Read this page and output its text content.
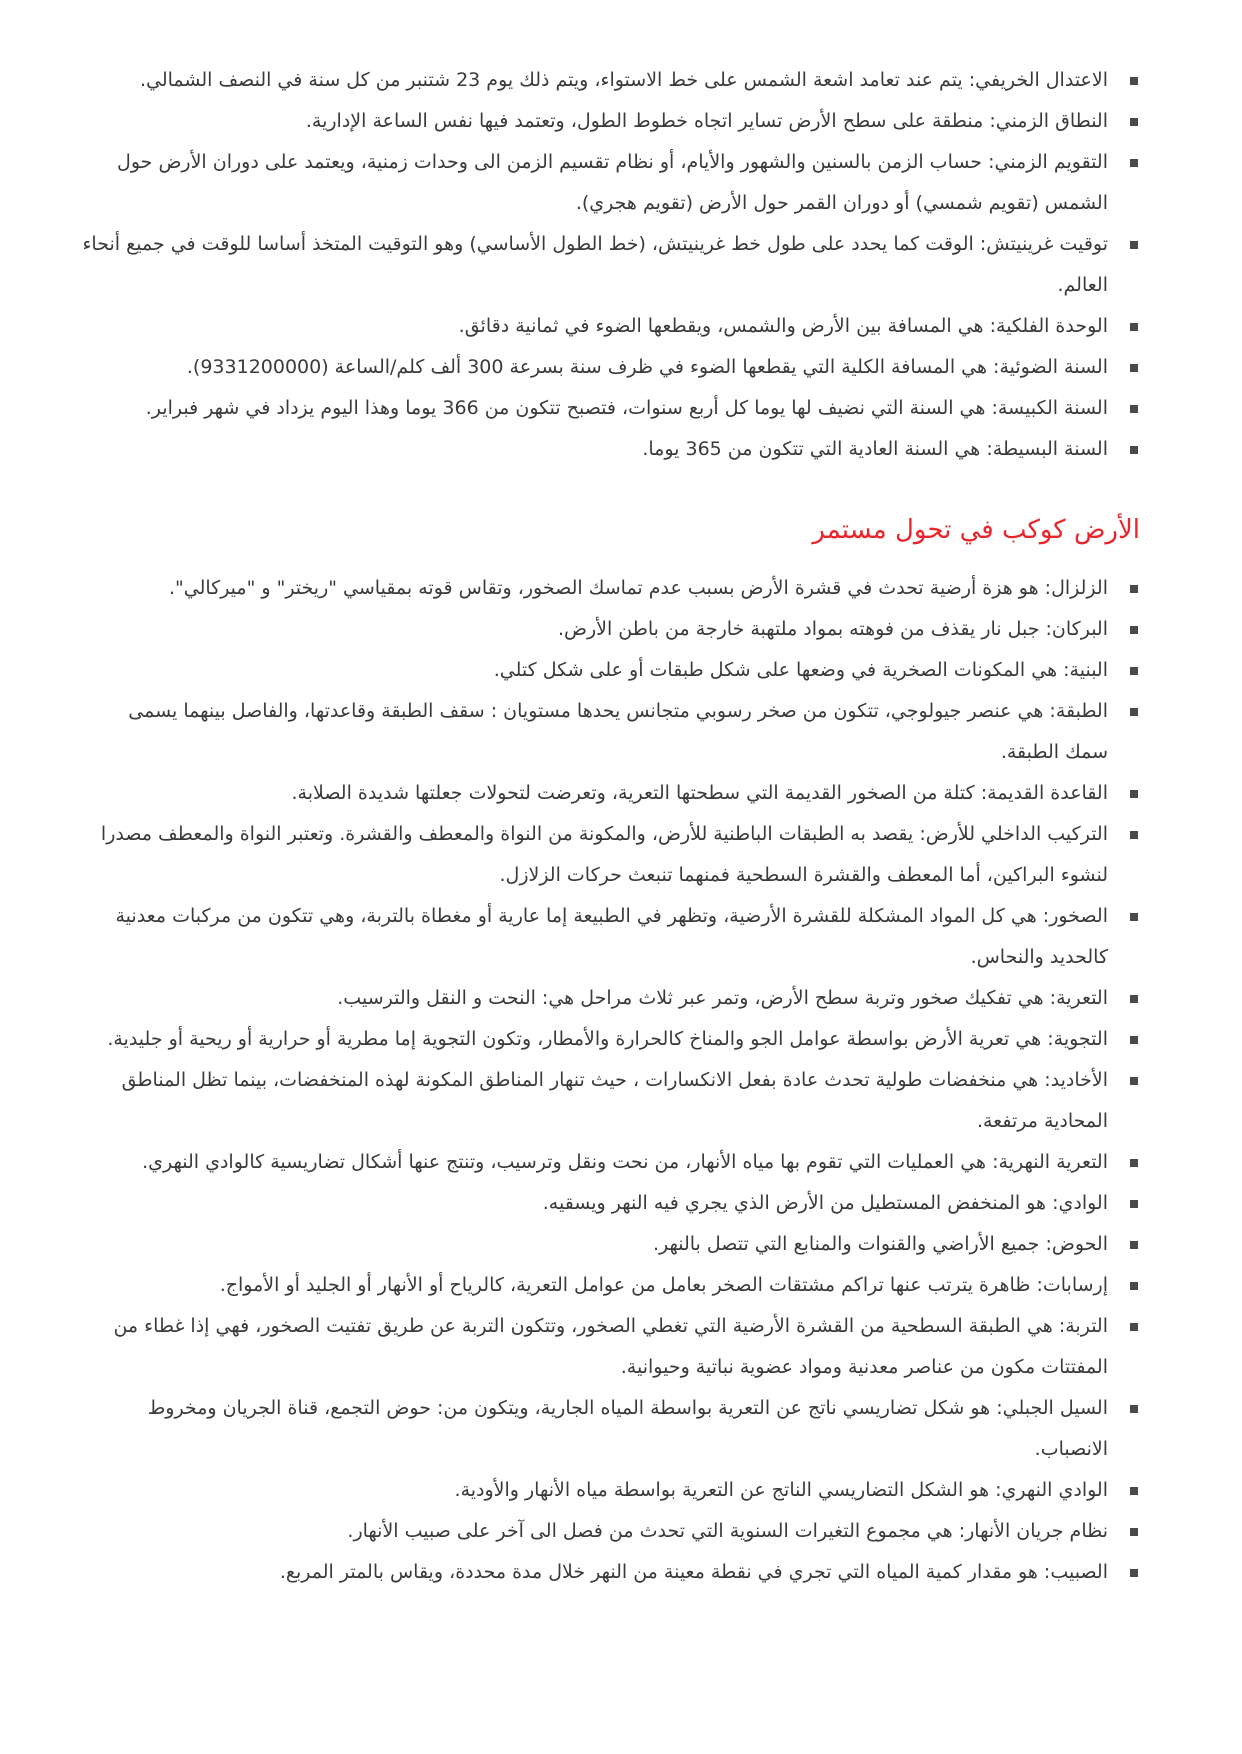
الاعتدال الخريفي: يتم عند تعامد اشعة الشمس على خط الاستواء، ويتم ذلك يوم 23 شتنبر من كل سنة في النصف الشمالي.
النطاق الزمني: منطقة على سطح الأرض تساير اتجاه خطوط الطول، وتعتمد فيها نفس الساعة الإدارية.
التقويم الزمني: حساب الزمن بالسنين والشهور والأيام، أو نظام تقسيم الزمن الى وحدات زمنية، ويعتمد على دوران الأرض حول الشمس (تقويم شمسي) أو دوران القمر حول الأرض (تقويم هجري).
توقيت غرينيتش: الوقت كما يحدد على طول خط غرينيتش، (خط الطول الأساسي) وهو التوقيت المتخذ أساسا للوقت في جميع أنحاء العالم.
الوحدة الفلكية: هي المسافة بين الأرض والشمس، ويقطعها الضوء في ثمانية دقائق.
السنة الضوئية: هي المسافة الكلية التي يقطعها الضوء في ظرف سنة بسرعة 300 ألف كلم/الساعة (9331200000).
السنة الكبيسة: هي السنة التي نضيف لها يوما كل أربع سنوات، فتصبح تتكون من 366 يوما وهذا اليوم يزداد في شهر فبراير.
السنة البسيطة: هي السنة العادية التي تتكون من 365 يوما.
الأرض كوكب في تحول مستمر
الزلزال: هو هزة أرضية تحدث في قشرة الأرض بسبب عدم تماسك الصخور، وتقاس قوته بمقياسي "ريختر" و "ميركالي".
البركان: جبل نار يقذف من فوهته بمواد ملتهبة خارجة من باطن الأرض.
البنية: هي المكونات الصخرية في وضعها على شكل طبقات أو على شكل كتلي.
الطبقة: هي عنصر جيولوجي، تتكون من صخر رسوبي متجانس يحدها مستويان : سقف الطبقة وقاعدتها، والفاصل بينهما يسمى سمك الطبقة.
القاعدة القديمة: كتلة من الصخور القديمة التي سطحتها التعرية، وتعرضت لتحولات جعلتها شديدة الصلابة.
التركيب الداخلي للأرض: يقصد به الطبقات الباطنية للأرض، والمكونة من النواة والمعطف والقشرة. وتعتبر النواة والمعطف مصدرا لنشوء البراكين، أما المعطف والقشرة السطحية فمنهما تنبعث حركات الزلازل.
الصخور: هي كل المواد المشكلة للقشرة الأرضية، وتظهر في الطبيعة إما عارية أو مغطاة بالتربة، وهي تتكون من مركبات معدنية كالحديد والنحاس.
التعرية: هي تفكيك صخور وتربة سطح الأرض، وتمر عبر ثلاث مراحل هي: النحت و النقل والترسيب.
التجوية: هي تعرية الأرض بواسطة عوامل الجو والمناخ كالحرارة والأمطار، وتكون التجوية إما مطرية أو حرارية أو ريحية أو جليدية.
الأخاديد: هي منخفضات طولية تحدث عادة بفعل الانكسارات ، حيث تنهار المناطق المكونة لهذه المنخفضات، بينما تظل المناطق المحادية مرتفعة.
التعرية النهرية: هي العمليات التي تقوم بها مياه الأنهار، من نحت ونقل وترسيب، وتنتج عنها أشكال تضاريسية كالوادي النهري.
الوادي: هو المنخفض المستطيل من الأرض الذي يجري فيه النهر ويسقيه.
الحوض: جميع الأراضي والقنوات والمنابع التي تتصل بالنهر.
إرسابات: ظاهرة يترتب عنها تراكم مشتقات الصخر بعامل من عوامل التعرية، كالرياح أو الأنهار أو الجليد أو الأمواج.
التربة: هي الطبقة السطحية من القشرة الأرضية التي تغطي الصخور، وتتكون التربة عن طريق تفتيت الصخور، فهي إذا غطاء من المفتتات مكون من عناصر معدنية ومواد عضوية نباتية وحيوانية.
السيل الجبلي: هو شكل تضاريسي ناتج عن التعرية بواسطة المياه الجارية، ويتكون من: حوض التجمع، قناة الجريان ومخروط الانصباب.
الوادي النهري: هو الشكل التضاريسي الناتج عن التعرية بواسطة مياه الأنهار والأودية.
نظام جريان الأنهار: هي مجموع التغيرات السنوية التي تحدث من فصل الى آخر على صبيب الأنهار.
الصبيب: هو مقدار كمية المياه التي تجري في نقطة معينة من النهر خلال مدة محددة، ويقاس بالمتر المربع.
